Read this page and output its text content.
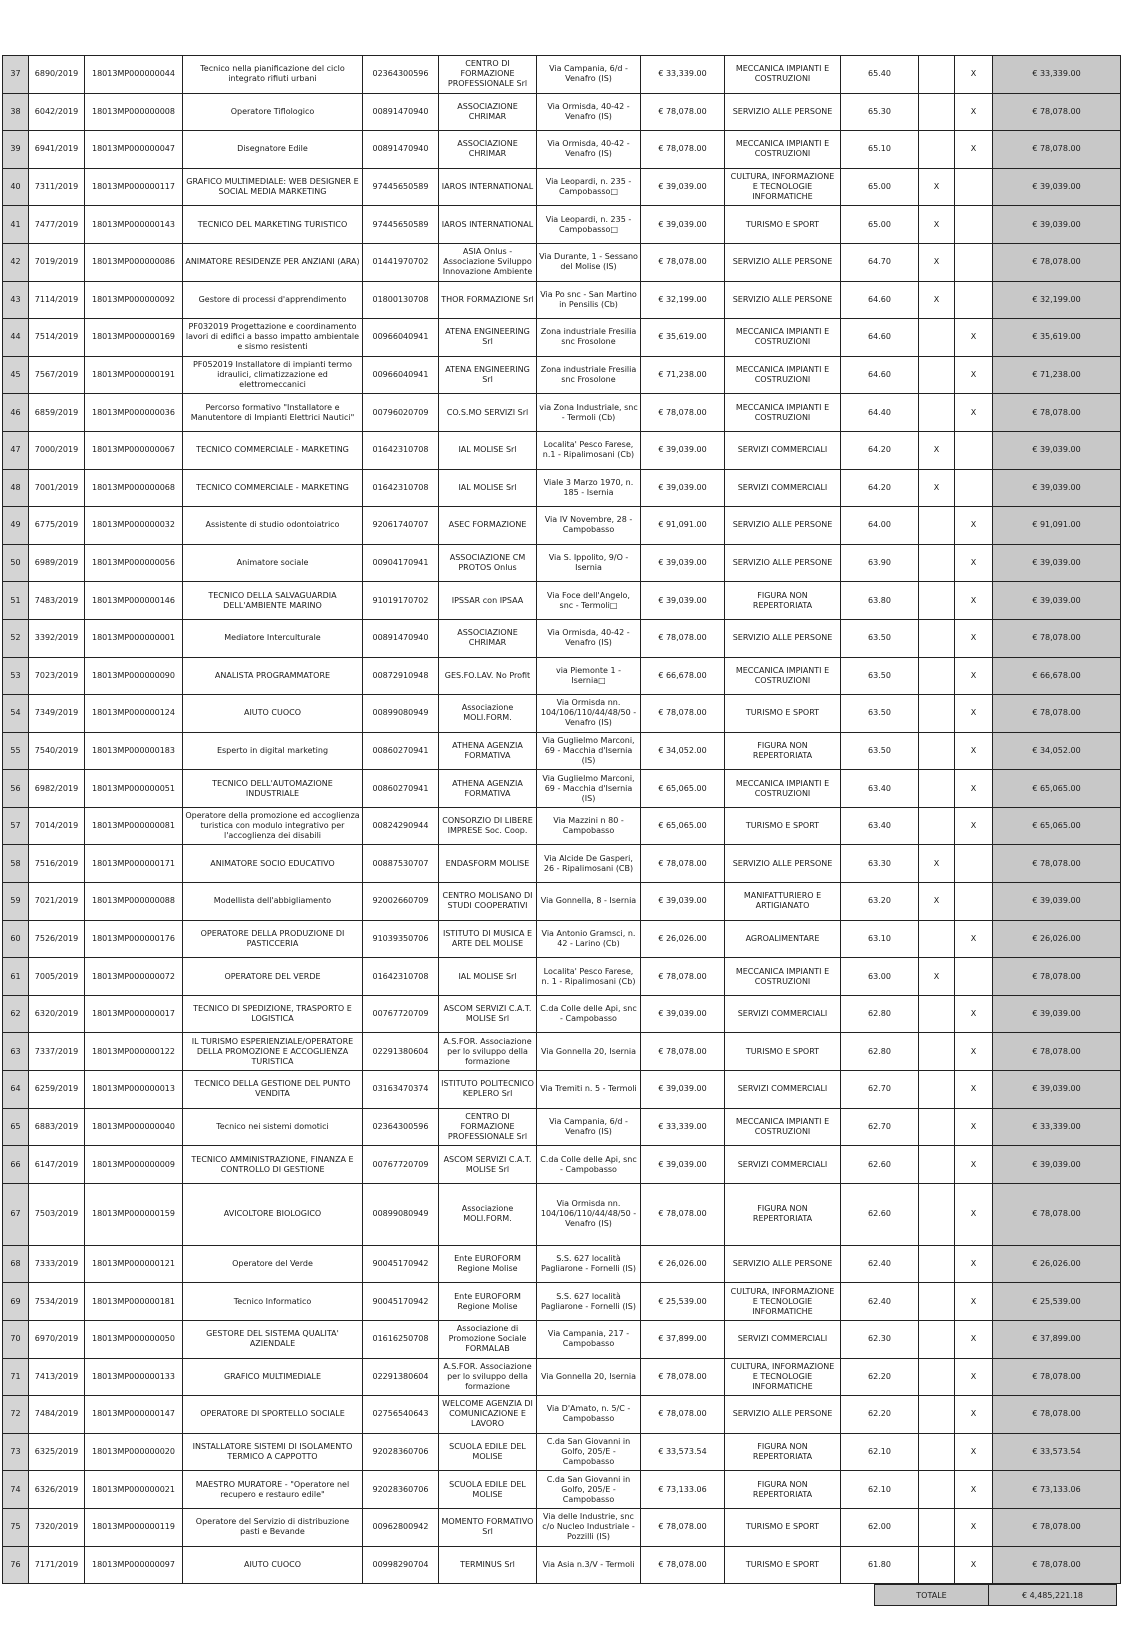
37	6890/2019	18013MP000000044	Tecnico nella pianificazione del ciclo integrato rifiuti urbani	02364300596	CENTRO DI FORMAZIONE PROFESSIONALE Srl	Via Campania, 6/d - Venafro (IS)	€ 33,339.00	MECCANICA IMPIANTI E COSTRUZIONI	65.40		X	€ 33,339.00
38	6042/2019	18013MP000000008	Operatore Tiflologico	00891470940	ASSOCIAZIONE CHRIMAR	Via Ormisda, 40-42 - Venafro (IS)	€ 78,078.00	SERVIZIO ALLE PERSONE	65.30		X	€ 78,078.00
39	6941/2019	18013MP000000047	Disegnatore Edile	00891470940	ASSOCIAZIONE CHRIMAR	Via Ormisda, 40-42 - Venafro (IS)	€ 78,078.00	MECCANICA IMPIANTI E COSTRUZIONI	65.10		X	€ 78,078.00
40	7311/2019	18013MP000000117	GRAFICO MULTIMEDIALE: WEB DESIGNER E SOCIAL MEDIA MARKETING	97445650589	IAROS INTERNATIONAL	Via Leopardi, n. 235 - Campobasso□	€ 39,039.00	CULTURA, INFORMAZIONE E TECNOLOGIE INFORMATICHE	65.00	X		€ 39,039.00
41	7477/2019	18013MP000000143	TECNICO DEL MARKETING TURISTICO	97445650589	IAROS INTERNATIONAL	Via Leopardi, n. 235 - Campobasso□	€ 39,039.00	TURISMO E SPORT	65.00	X		€ 39,039.00
42	7019/2019	18013MP000000086	ANIMATORE RESIDENZE PER ANZIANI (ARA)	01441970702	ASIA Onlus - Associazione Sviluppo Innovazione Ambiente	Via Durante, 1 - Sessano del Molise (IS)	€ 78,078.00	SERVIZIO ALLE PERSONE	64.70	X		€ 78,078.00
43	7114/2019	18013MP000000092	Gestore di processi d'apprendimento	01800130708	THOR FORMAZIONE Srl	Via Po snc - San Martino in Pensilis (Cb)	€ 32,199.00	SERVIZIO ALLE PERSONE	64.60	X		€ 32,199.00
44	7514/2019	18013MP000000169	PF032019 Progettazione e coordinamento lavori di edifici a basso impatto ambientale e sismo resistenti	00966040941	ATENA ENGINEERING Srl	Zona industriale Fresilia snc Frosolone	€ 35,619.00	MECCANICA IMPIANTI E COSTRUZIONI	64.60		X	€ 35,619.00
45	7567/2019	18013MP000000191	PF052019 Installatore di impianti termo idraulici, climatizzazione ed elettromeccanici	00966040941	ATENA ENGINEERING Srl	Zona industriale Fresilia snc Frosolone	€ 71,238.00	MECCANICA IMPIANTI E COSTRUZIONI	64.60		X	€ 71,238.00
46	6859/2019	18013MP000000036	Percorso formativo "Installatore e Manutentore di Impianti Elettrici Nautici"	00796020709	CO.S.MO SERVIZI Srl	via Zona Industriale, snc - Termoli (Cb)	€ 78,078.00	MECCANICA IMPIANTI E COSTRUZIONI	64.40		X	€ 78,078.00
47	7000/2019	18013MP000000067	TECNICO COMMERCIALE - MARKETING	01642310708	IAL MOLISE Srl	Localita' Pesco Farese, n.1 - Ripalimosani (Cb)	€ 39,039.00	SERVIZI COMMERCIALI	64.20	X		€ 39,039.00
48	7001/2019	18013MP000000068	TECNICO COMMERCIALE - MARKETING	01642310708	IAL MOLISE Srl	Viale 3 Marzo 1970, n. 185 - Isernia	€ 39,039.00	SERVIZI COMMERCIALI	64.20	X		€ 39,039.00
49	6775/2019	18013MP000000032	Assistente di studio odontoiatrico	92061740707	ASEC FORMAZIONE	Via IV Novembre, 28 - Campobasso	€ 91,091.00	SERVIZIO ALLE PERSONE	64.00		X	€ 91,091.00
50	6989/2019	18013MP000000056	Animatore sociale	00904170941	ASSOCIAZIONE CM PROTOS Onlus	Via S. Ippolito, 9/O - Isernia	€ 39,039.00	SERVIZIO ALLE PERSONE	63.90		X	€ 39,039.00
51	7483/2019	18013MP000000146	TECNICO DELLA SALVAGUARDIA DELL'AMBIENTE MARINO	91019170702	IPSSAR con IPSAA	Via Foce dell'Angelo, snc - Termoli□	€ 39,039.00	FIGURA NON REPERTORIATA	63.80		X	€ 39,039.00
52	3392/2019	18013MP000000001	Mediatore Interculturale	00891470940	ASSOCIAZIONE CHRIMAR	Via Ormisda, 40-42 - Venafro (IS)	€ 78,078.00	SERVIZIO ALLE PERSONE	63.50		X	€ 78,078.00
53	7023/2019	18013MP000000090	ANALISTA PROGRAMMATORE	00872910948	GES.FO.LAV. No Profit	via Piemonte 1 - Isernia□	€ 66,678.00	MECCANICA IMPIANTI E COSTRUZIONI	63.50		X	€ 66,678.00
54	7349/2019	18013MP000000124	AIUTO CUOCO	00899080949	Associazione MOLI.FORM.	Via Ormisda nn. 104/106/110/44/48/50 - Venafro (IS)	€ 78,078.00	TURISMO E SPORT	63.50		X	€ 78,078.00
55	7540/2019	18013MP000000183	Esperto in digital marketing	00860270941	ATHENA AGENZIA FORMATIVA	Via Guglielmo Marconi, 69 - Macchia d'Isernia (IS)	€ 34,052.00	FIGURA NON REPERTORIATA	63.50		X	€ 34,052.00
56	6982/2019	18013MP000000051	TECNICO DELL'AUTOMAZIONE INDUSTRIALE	00860270941	ATHENA AGENZIA FORMATIVA	Via Guglielmo Marconi, 69 - Macchia d'Isernia (IS)	€ 65,065.00	MECCANICA IMPIANTI E COSTRUZIONI	63.40		X	€ 65,065.00
57	7014/2019	18013MP000000081	Operatore della promozione ed accoglienza turistica con modulo integrativo per l'accoglienza dei disabili	00824290944	CONSORZIO DI LIBERE IMPRESE Soc. Coop.	Via Mazzini n 80 - Campobasso	€ 65,065.00	TURISMO E SPORT	63.40		X	€ 65,065.00
58	7516/2019	18013MP000000171	ANIMATORE SOCIO EDUCATIVO	00887530707	ENDASFORM MOLISE	Via Alcide De Gasperi, 26 - Ripalimosani (CB)	€ 78,078.00	SERVIZIO ALLE PERSONE	63.30	X		€ 78,078.00
59	7021/2019	18013MP000000088	Modellista dell'abbigliamento	92002660709	CENTRO MOLISANO DI STUDI COOPERATIVI	Via Gonnella, 8 - Isernia	€ 39,039.00	MANIFATTURIERO E ARTIGIANATO	63.20	X		€ 39,039.00
60	7526/2019	18013MP000000176	OPERATORE DELLA PRODUZIONE DI PASTICCERIA	91039350706	ISTITUTO DI MUSICA E ARTE DEL MOLISE	Via Antonio Gramsci, n. 42 - Larino (Cb)	€ 26,026.00	AGROALIMENTARE	63.10		X	€ 26,026.00
61	7005/2019	18013MP000000072	OPERATORE DEL VERDE	01642310708	IAL MOLISE Srl	Localita' Pesco Farese, n. 1 - Ripalimosani (Cb)	€ 78,078.00	MECCANICA IMPIANTI E COSTRUZIONI	63.00	X		€ 78,078.00
62	6320/2019	18013MP000000017	TECNICO DI SPEDIZIONE, TRASPORTO E LOGISTICA	00767720709	ASCOM SERVIZI C.A.T. MOLISE Srl	C.da Colle delle Api, snc - Campobasso	€ 39,039.00	SERVIZI COMMERCIALI	62.80		X	€ 39,039.00
63	7337/2019	18013MP000000122	IL TURISMO ESPERIENZIALE/OPERATORE DELLA PROMOZIONE E ACCOGLIENZA TURISTICA	02291380604	A.S.FOR. Associazione per lo sviluppo della formazione	Via Gonnella 20, Isernia	€ 78,078.00	TURISMO E SPORT	62.80		X	€ 78,078.00
64	6259/2019	18013MP000000013	TECNICO DELLA GESTIONE DEL PUNTO VENDITA	03163470374	ISTITUTO POLITECNICO KEPLERO Srl	Via Tremiti n. 5 - Termoli	€ 39,039.00	SERVIZI COMMERCIALI	62.70		X	€ 39,039.00
65	6883/2019	18013MP000000040	Tecnico nei sistemi domotici	02364300596	CENTRO DI FORMAZIONE PROFESSIONALE Srl	Via Campania, 6/d - Venafro (IS)	€ 33,339.00	MECCANICA IMPIANTI E COSTRUZIONI	62.70		X	€ 33,339.00
66	6147/2019	18013MP000000009	TECNICO AMMINISTRAZIONE, FINANZA E CONTROLLO DI GESTIONE	00767720709	ASCOM SERVIZI C.A.T. MOLISE Srl	C.da Colle delle Api, snc - Campobasso	€ 39,039.00	SERVIZI COMMERCIALI	62.60		X	€ 39,039.00
67	7503/2019	18013MP000000159	AVICOLTORE BIOLOGICO	00899080949	Associazione MOLI.FORM.	Via Ormisda nn. 104/106/110/44/48/50 - Venafro (IS)	€ 78,078.00	FIGURA NON REPERTORIATA	62.60		X	€ 78,078.00
68	7333/2019	18013MP000000121	Operatore del Verde	90045170942	Ente EUROFORM Regione Molise	S.S. 627 località Pagliarone - Fornelli (IS)	€ 26,026.00	SERVIZIO ALLE PERSONE	62.40		X	€ 26,026.00
69	7534/2019	18013MP000000181	Tecnico Informatico	90045170942	Ente EUROFORM Regione Molise	S.S. 627 località Pagliarone - Fornelli (IS)	€ 25,539.00	CULTURA, INFORMAZIONE E TECNOLOGIE INFORMATICHE	62.40		X	€ 25,539.00
70	6970/2019	18013MP000000050	GESTORE DEL SISTEMA QUALITA' AZIENDALE	01616250708	Associazione di Promozione Sociale FORMALAB	Via Campania, 217 - Campobasso	€ 37,899.00	SERVIZI COMMERCIALI	62.30		X	€ 37,899.00
71	7413/2019	18013MP000000133	GRAFICO MULTIMEDIALE	02291380604	A.S.FOR. Associazione per lo sviluppo della formazione	Via Gonnella 20, Isernia	€ 78,078.00	CULTURA, INFORMAZIONE E TECNOLOGIE INFORMATICHE	62.20		X	€ 78,078.00
72	7484/2019	18013MP000000147	OPERATORE DI SPORTELLO SOCIALE	02756540643	WELCOME AGENZIA DI COMUNICAZIONE E LAVORO	Via D'Amato, n. 5/C - Campobasso	€ 78,078.00	SERVIZIO ALLE PERSONE	62.20		X	€ 78,078.00
73	6325/2019	18013MP000000020	INSTALLATORE SISTEMI DI ISOLAMENTO TERMICO A CAPPOTTO	92028360706	SCUOLA EDILE DEL MOLISE	C.da San Giovanni in Golfo, 205/E - Campobasso	€ 33,573.54	FIGURA NON REPERTORIATA	62.10		X	€ 33,573.54
74	6326/2019	18013MP000000021	MAESTRO MURATORE - "Operatore nel recupero e restauro edile"	92028360706	SCUOLA EDILE DEL MOLISE	C.da San Giovanni in Golfo, 205/E - Campobasso	€ 73,133.06	FIGURA NON REPERTORIATA	62.10		X	€ 73,133.06
75	7320/2019	18013MP000000119	Operatore del Servizio di distribuzione pasti e Bevande	00962800942	MOMENTO FORMATIVO Srl	Via delle Industrie, snc c/o Nucleo Industriale - Pozzilli (IS)	€ 78,078.00	TURISMO E SPORT	62.00		X	€ 78,078.00
76	7171/2019	18013MP000000097	AIUTO CUOCO	00998290704	TERMINUS Srl	Via Asia n.3/V - Termoli	€ 78,078.00	TURISMO E SPORT	61.80		X	€ 78,078.00
TOTALE	€ 4,485,221.18
